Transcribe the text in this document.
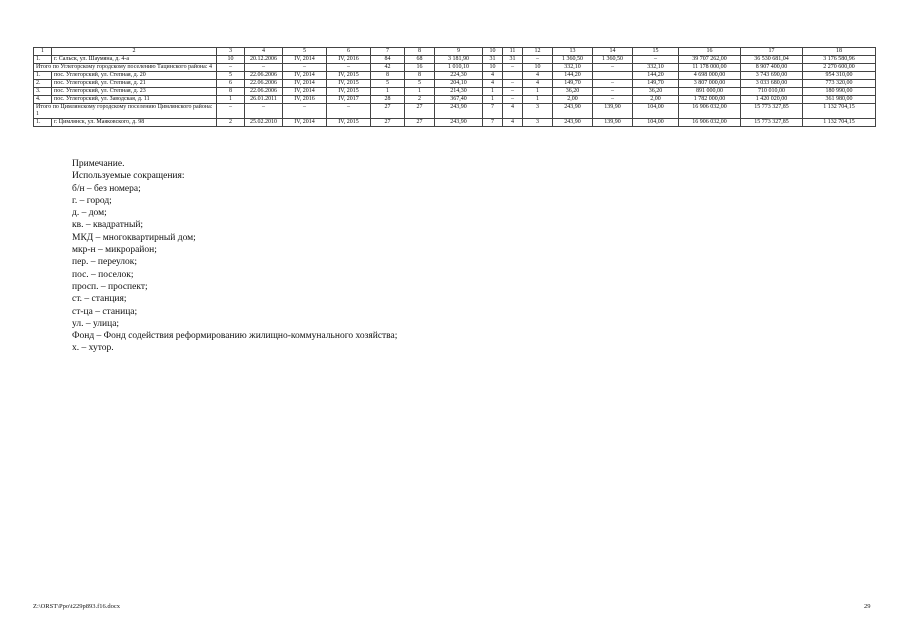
1	2	3	4	5	6	7	8	9	10	11	12	13	14	15	16	17	18
1.	г. Сальск, ул. Шаумяна, д. 4-а	10	20.12.2006	IV, 2014	IV, 2016	84	68	3 181,90	31	31	–	1 360,50	1 360,50	–	39 707 262,00	36 530 681,04	3 176 580,96
Итого по Углегорскому городскому поселению Тацинского района: 4		–	–	–	–	42	16	1 010,10	10	–	10	332,10	–	332,10	11 178 000,00	8 907 400,00	2 270 600,00
1.	пос. Углегорский, ул. Степная, д. 20	5	22.06.2006	IV, 2014	IV, 2015	8	8	224,30	4		4	144,20		144,20	4 698 000,00	3 743 690,00	954 310,00
2.	пос. Углегорский, ул. Степная, д. 21	6	22.06.2006	IV, 2014	IV, 2015	5	5	204,10	4	–	4	149,70	–	149,70	3 807 000,00	3 033 680,00	773 320,00
3.	пос. Углегорский, ул. Степная, д. 23	8	22.06.2006	IV, 2014	IV, 2015	1	1	214,30	1	–	1	36,20	–	36,20	891 000,00	710 010,00	180 990,00
4.	пос. Углегорский, ул. Заводская, д. 11	1	26.01.2011	IV, 2016	IV, 2017	28	2	367,40	1	–	1	2,00	–	2,00	1 782 000,00	1 420 020,00	361 980,00
Итого по Цимлянскому городскому поселению Цимлянского района: 1		–	–	–	–	27	27	243,90	7	4	3	243,90	139,90	104,00	16 906 032,00	15 773 327,85	1 132 704,15
1.	г. Цимлянск, ул. Маяковского, д. 98	2	25.02.2010	IV, 2014	IV, 2015	27	27	243,90	7	4	3	243,90	139,90	104,00	16 906 032,00	15 773 327,85	1 132 704,15
Примечание.
Используемые сокращения:
б/н – без номера;
г. – город;
д. – дом;
кв. – квадратный;
МКД – многоквартирный дом;
мкр-н – микрорайон;
пер. – переулок;
пос. – поселок;
просп. – проспект;
ст. – станция;
ст-ца – станица;
ул. – улица;
Фонд – Фонд содействия реформированию жилищно-коммунального хозяйства;
х. – хутор.
Z:\ORST\Ppo\t229p893.f16.docx	29
